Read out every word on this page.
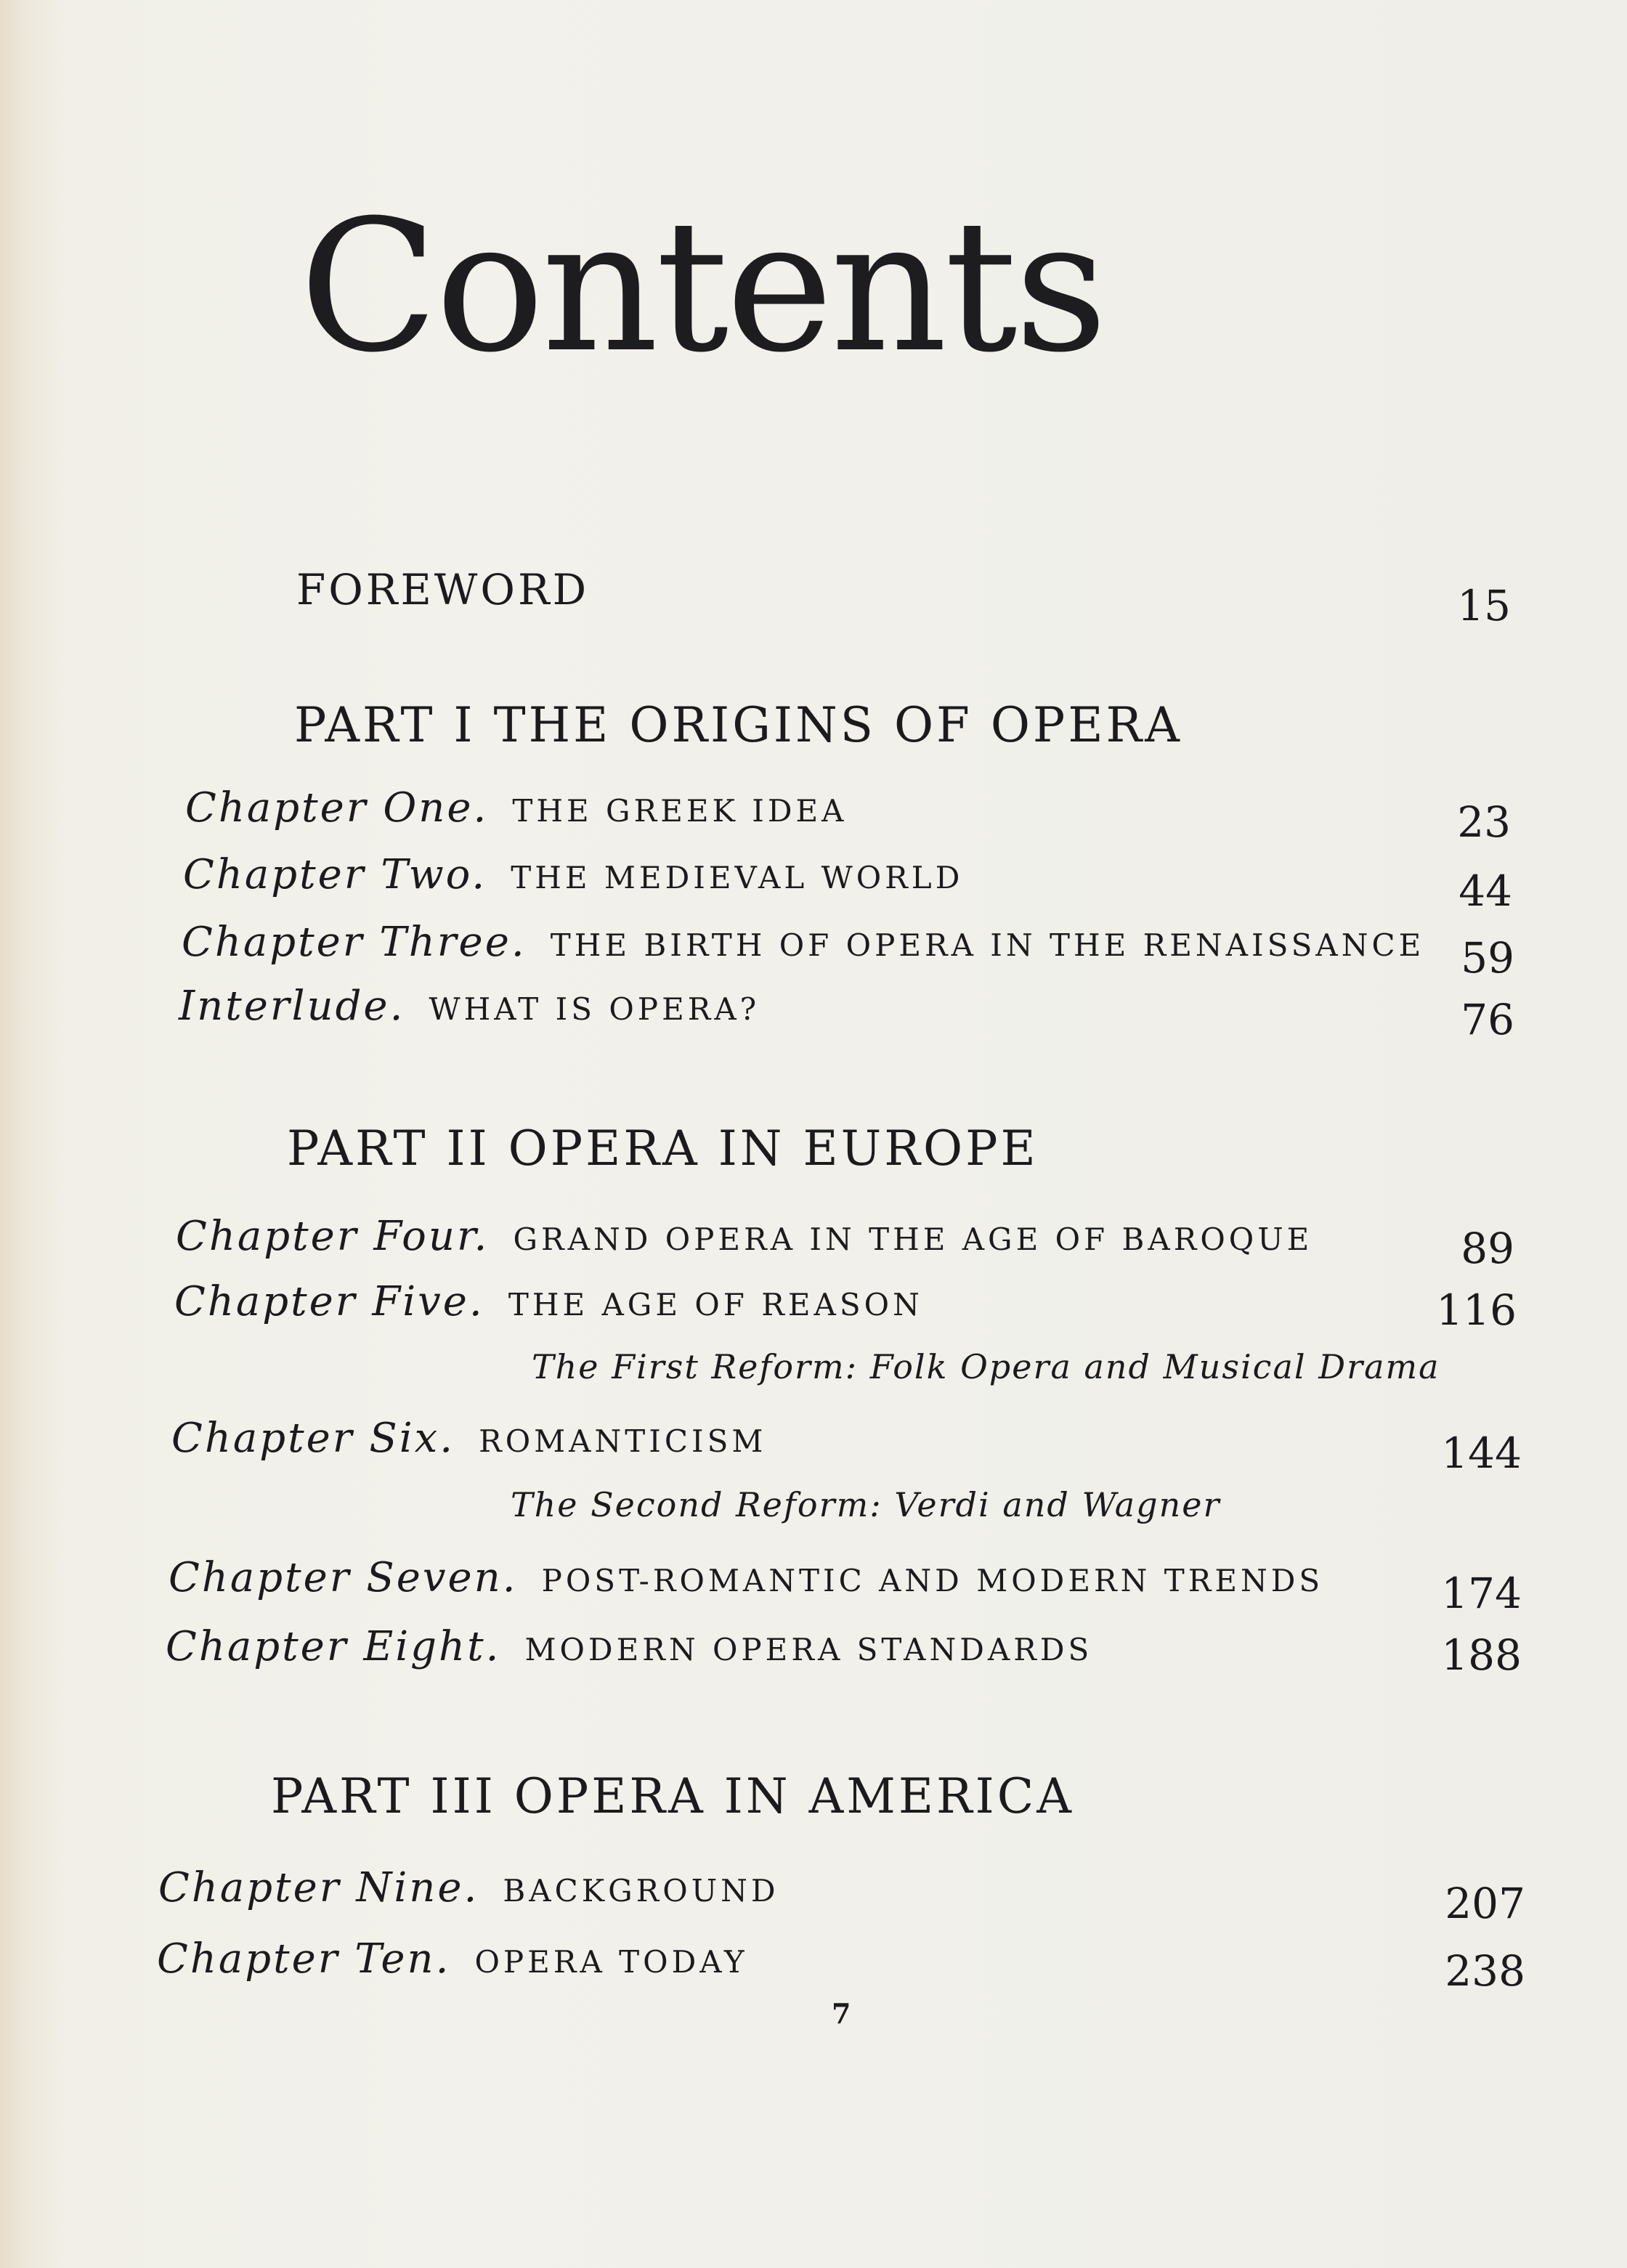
Contents
FOREWORD	15
PART I THE ORIGINS OF OPERA
Chapter One. THE GREEK IDEA	23
Chapter Two. THE MEDIEVAL WORLD	44
Chapter Three. THE BIRTH OF OPERA IN THE RENAISSANCE 59
Interlude. WHAT IS OPERA?	76
PART II OPERA IN EUROPE
Chapter Four. GRAND OPERA IN THE AGE OF BAROQUE	89
Chapter Five. THE AGE OF REASON	116
The First Reform: Folk Opera and Musical Drama
Chapter Six. ROMANTICISM	144
The Second Reform: Verdi and Wagner
Chapter Seven. POST-ROMANTIC AND MODERN TRENDS	174
Chapter Eight. MODERN OPERA STANDARDS	188
PART III OPERA IN AMERICA
Chapter Nine. BACKGROUND	207
Chapter Ten. OPERA TODAY	238
7
